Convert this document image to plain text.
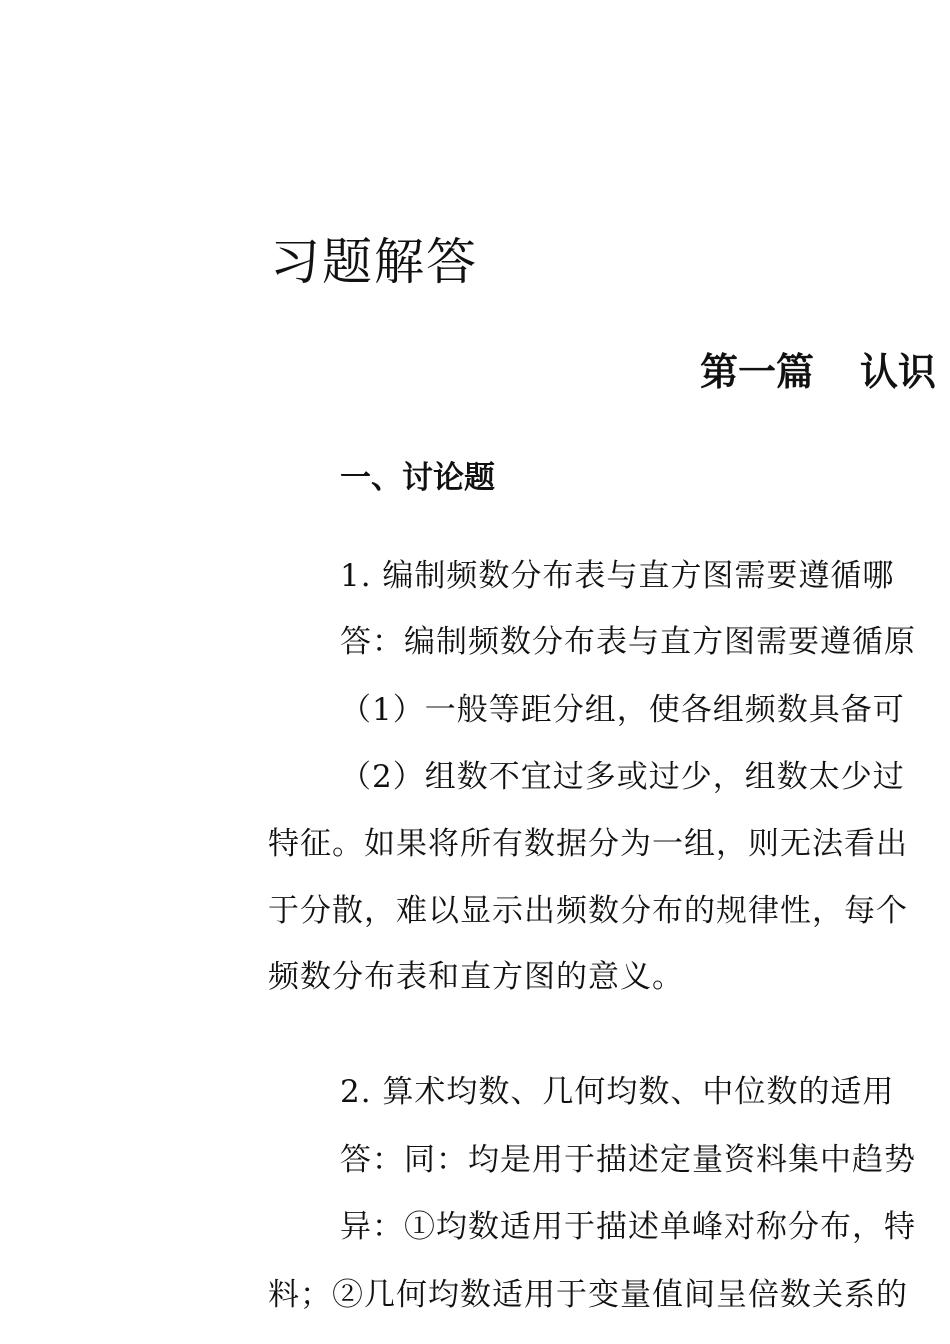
习题解答
第一篇 认识
一、讨论题
1. 编制频数分布表与直方图需要遵循哪
答：编制频数分布表与直方图需要遵循原
（1）一般等距分组，使各组频数具备可
（2）组数不宜过多或过少，组数太少过
特征。如果将所有数据分为一组，则无法看出
于分散，难以显示出频数分布的规律性，每个
频数分布表和直方图的意义。
2. 算术均数、几何均数、中位数的适用
答：同：均是用于描述定量资料集中趋势
异：①均数适用于描述单峰对称分布，特
料；②几何均数适用于变量值间呈倍数关系的
